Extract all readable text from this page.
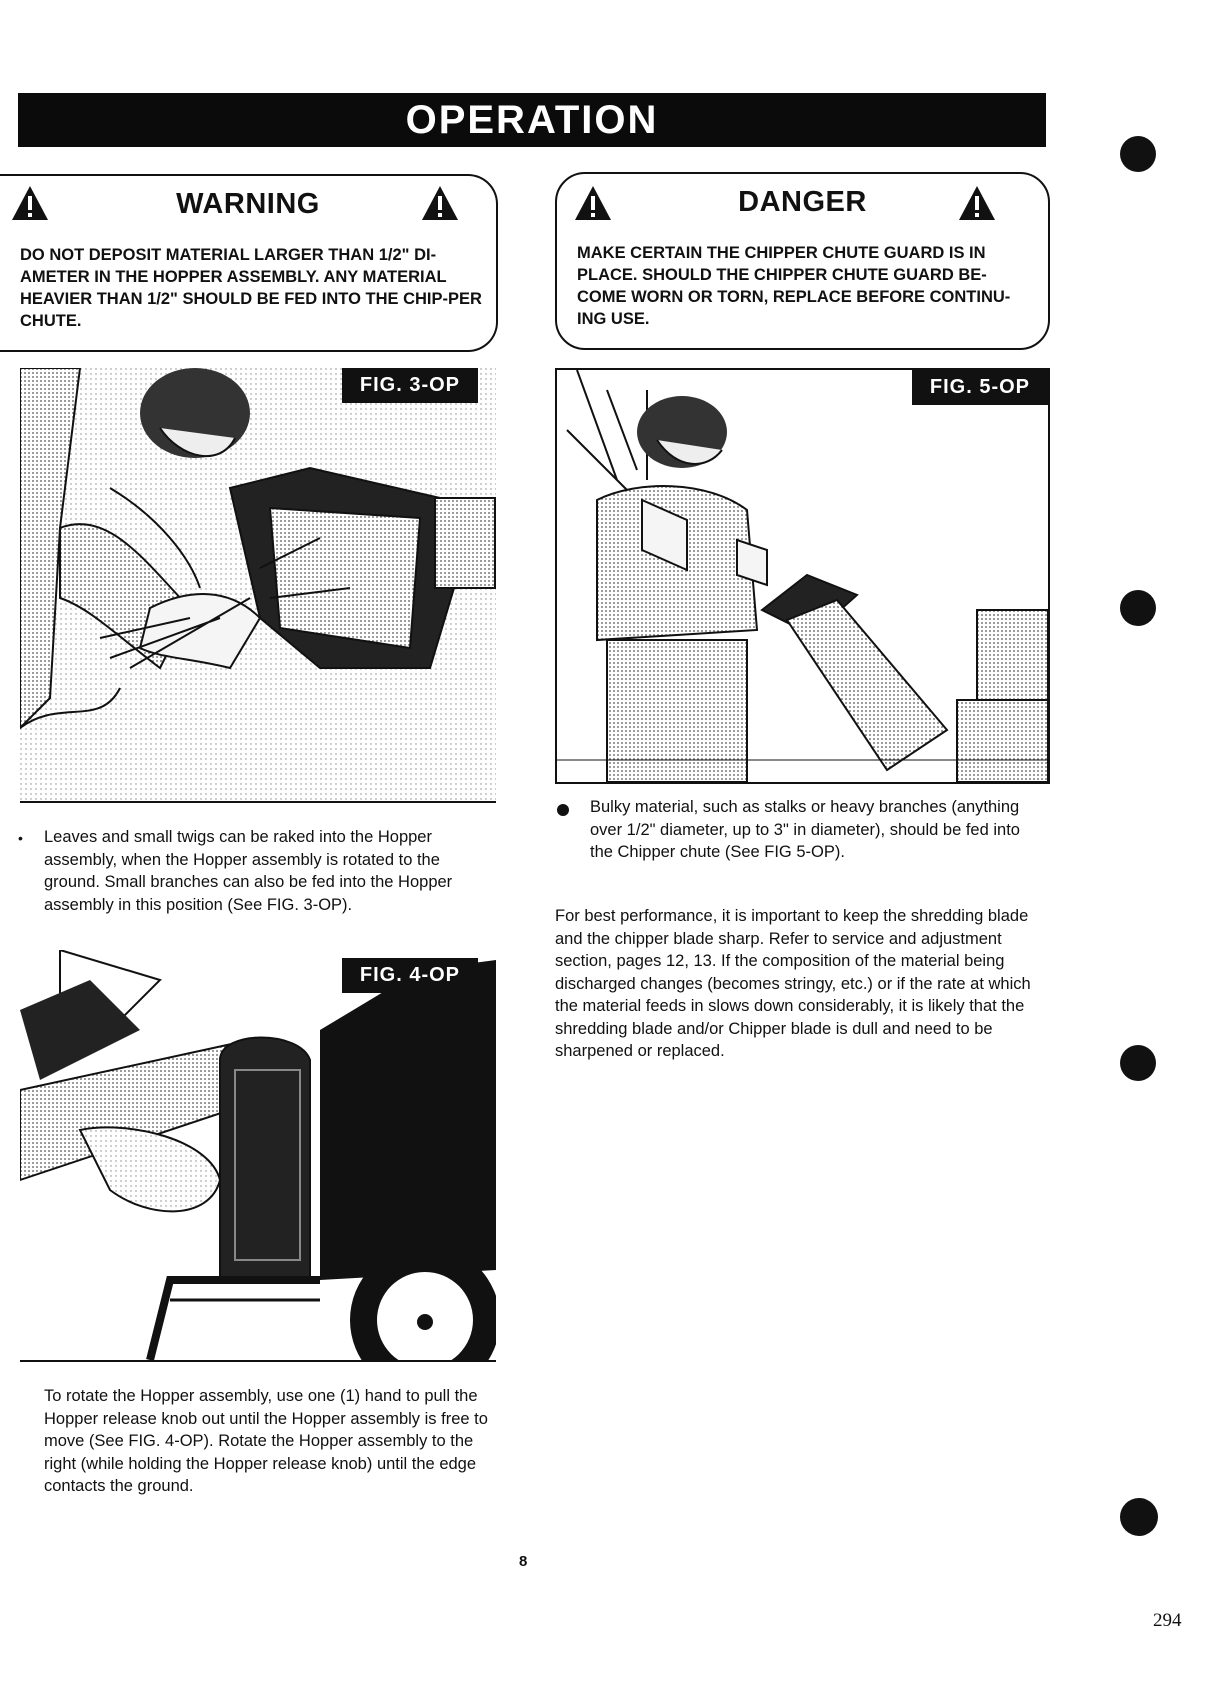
OPERATION
WARNING
DO NOT DEPOSIT MATERIAL LARGER THAN 1/2" DI-AMETER IN THE HOPPER ASSEMBLY. ANY MATERIAL HEAVIER THAN 1/2" SHOULD BE FED INTO THE CHIP-PER CHUTE.
DANGER
MAKE CERTAIN THE CHIPPER CHUTE GUARD IS IN PLACE. SHOULD THE CHIPPER CHUTE GUARD BE-COME WORN OR TORN, REPLACE BEFORE CONTINU-ING USE.
FIG. 3-OP	FIG. 5-OP
•	Leaves and small twigs can be raked into the Hopper assembly, when the Hopper assembly is rotated to the ground. Small branches can also be fed into the Hopper assembly in this position (See FIG. 3-OP).
Bulky material, such as stalks or heavy branches (anything over 1/2" diameter, up to 3" in diameter), should be fed into the Chipper chute (See FIG 5-OP).
For best performance, it is important to keep the shredding blade and the chipper blade sharp. Refer to service and adjustment section, pages 12, 13. If the composition of the material being discharged changes (becomes stringy, etc.) or if the rate at which the material feeds in slows down considerably, it is likely that the shredding blade and/or Chipper blade is dull and need to be sharpened or replaced.
FIG. 4-OP
To rotate the Hopper assembly, use one (1) hand to pull the Hopper release knob out until the Hopper assembly is free to move (See FIG. 4-OP). Rotate the Hopper assembly to the right (while holding the Hopper release knob) until the edge contacts the ground.
8
294
